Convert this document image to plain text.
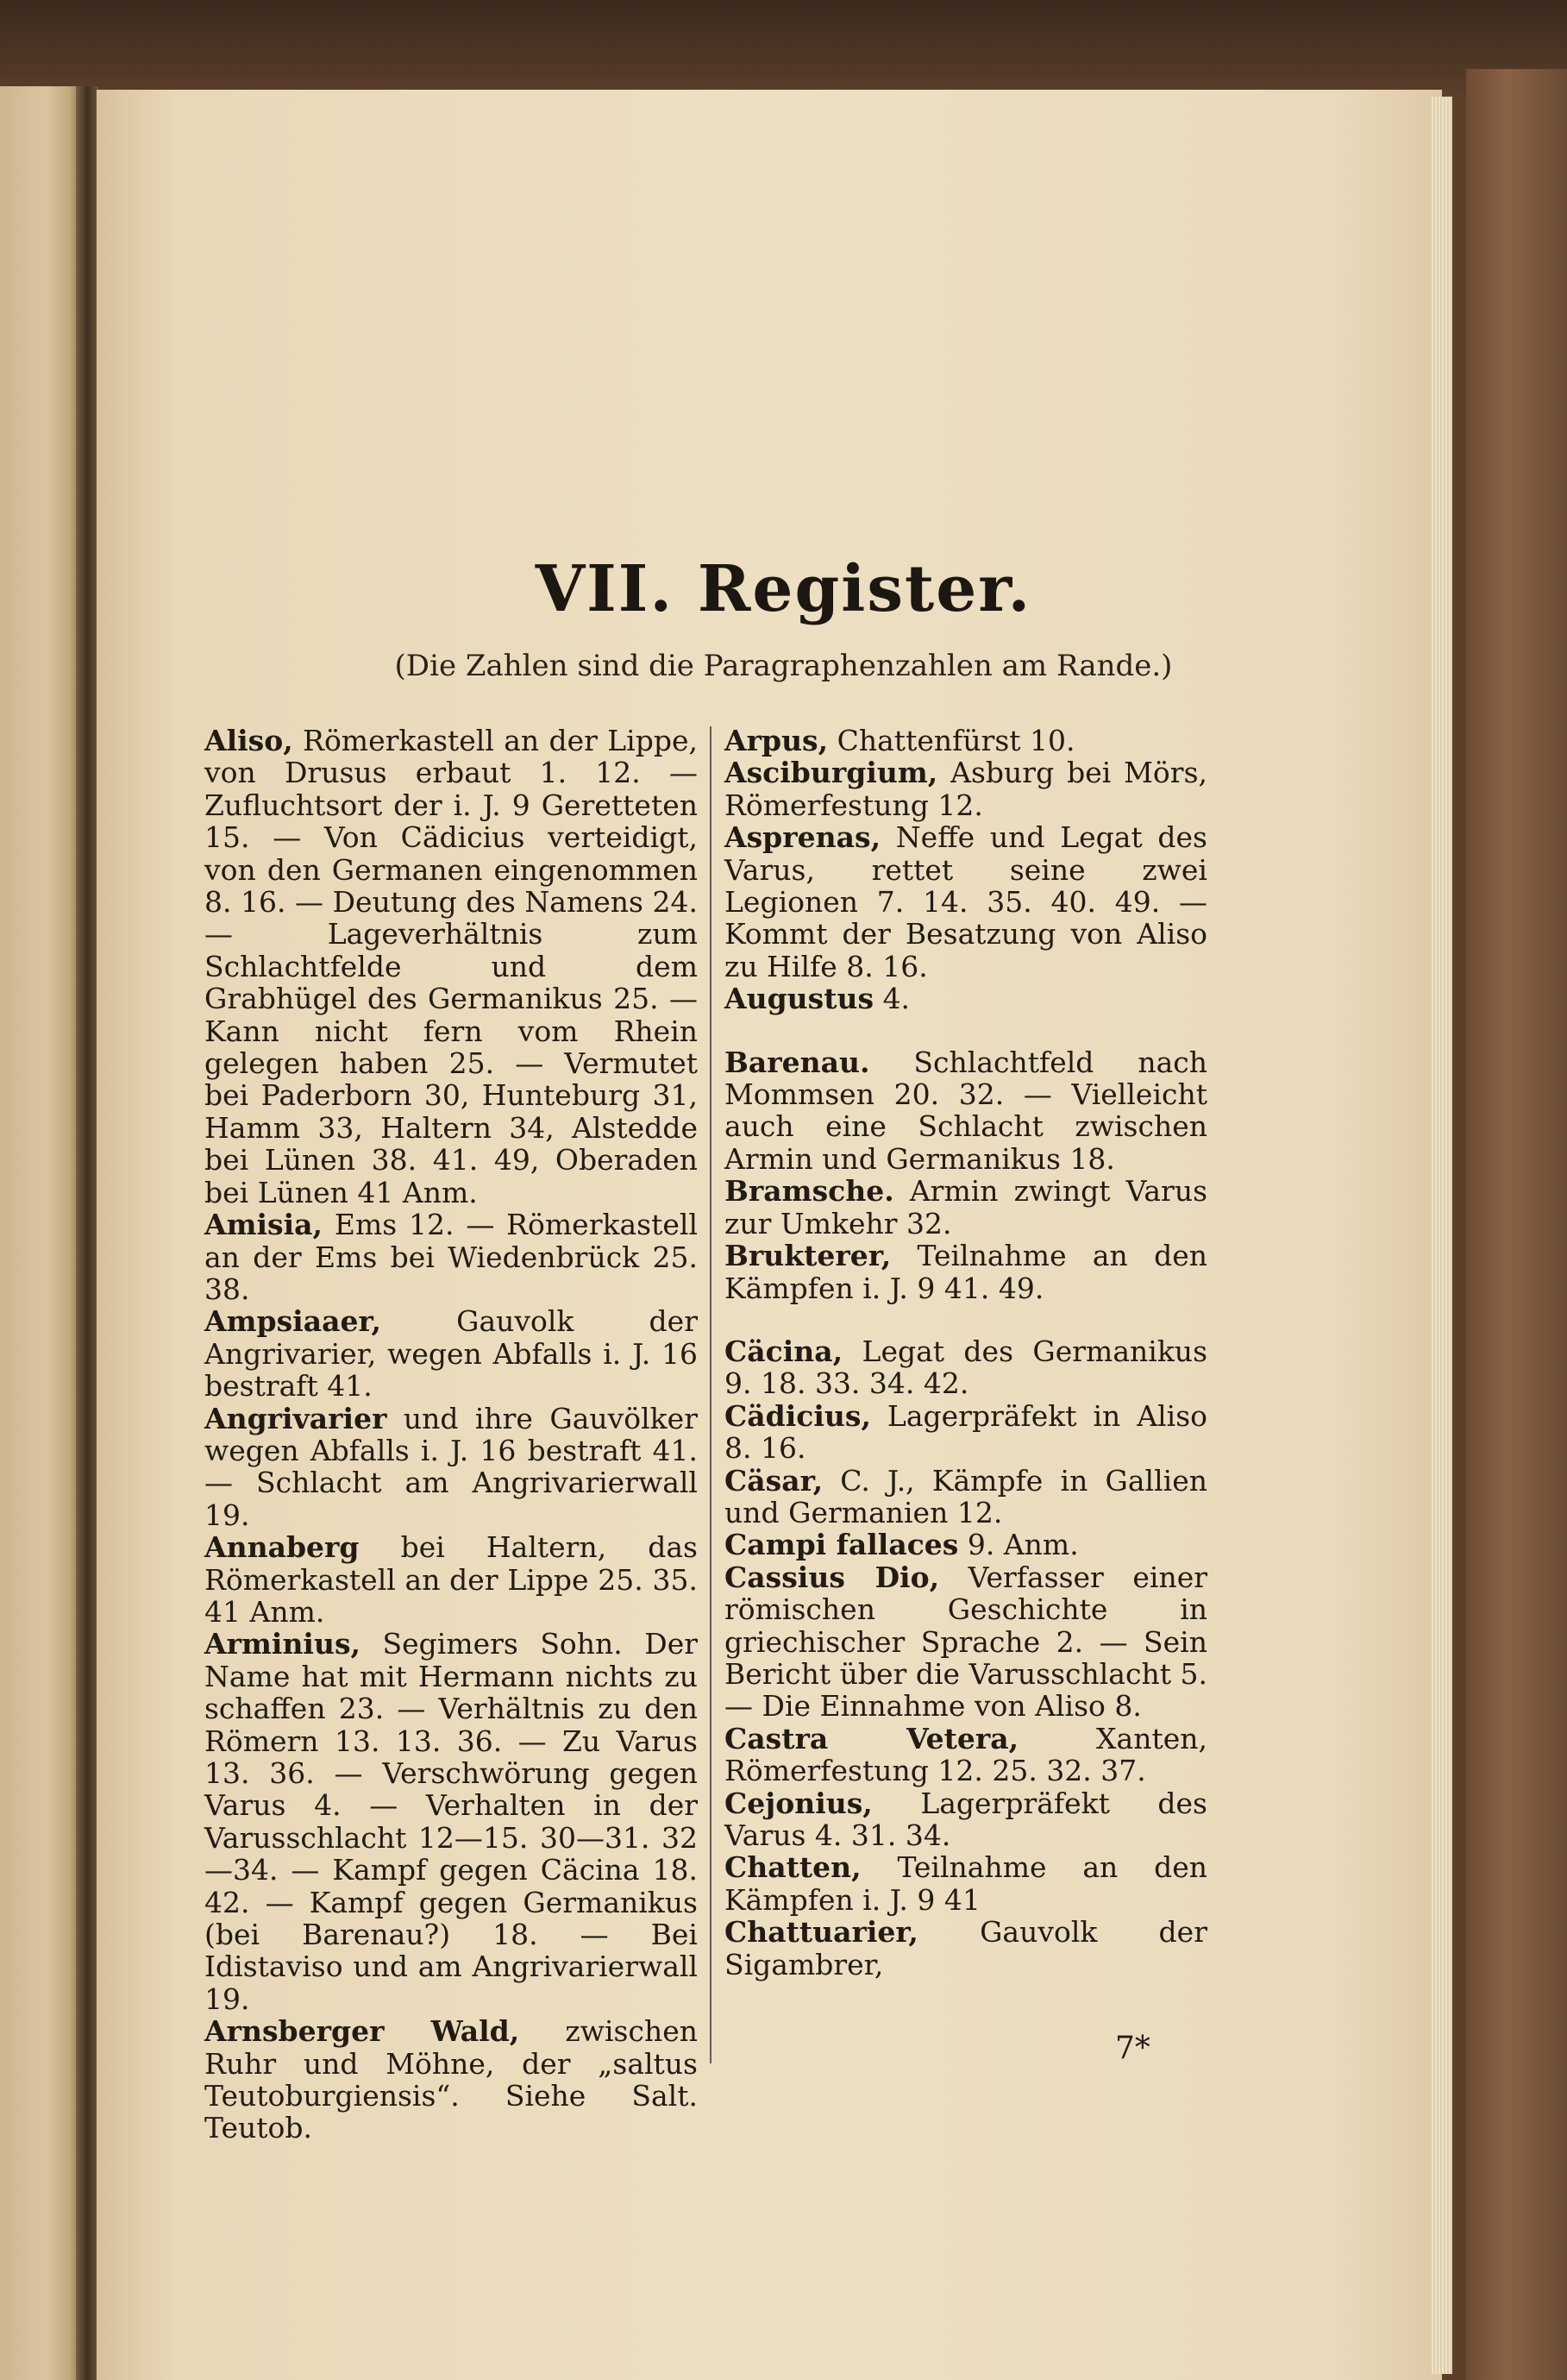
VII. Register.
(Die Zahlen sind die Paragraphenzahlen am Rande.)
Aliso, Römerkastell an der Lippe, von Drusus erbaut 1. 12. — Zufluchtsort der i. J. 9 Geretteten 15. — Von Cädicius verteidigt, von den Germanen eingenommen 8. 16. — Deutung des Namens 24. — Lageverhältnis zum Schlachtfelde und dem Grabhügel des Germanikus 25. — Kann nicht fern vom Rhein gelegen haben 25. — Vermutet bei Paderborn 30, Hunteburg 31, Hamm 33, Haltern 34, Alstedde bei Lünen 38. 41. 49, Oberaden bei Lünen 41 Anm.
Amisia, Ems 12. — Römerkastell an der Ems bei Wiedenbrück 25. 38.
Ampsiaaer,	Gauvolk der Angrivarier, wegen Abfalls i. J. 16 bestraft 41.
Angrivarier und ihre Gauvölker wegen Abfalls i. J. 16 bestraft 41. — Schlacht am Angrivarierwall 19.
Annaberg bei Haltern, das Römerkastell an der Lippe 25. 35. 41 Anm.
Arminius, Segimers Sohn. Der Name hat mit Hermann nichts zu schaffen 23. — Verhältnis zu den Römern 13. 13. 36. — Zu Varus 13. 36. — Verschwörung gegen Varus 4. — Verhalten in der Varusschlacht 12—15. 30—31. 32—34. — Kampf gegen Cäcina 18. 42. — Kampf gegen Germanikus (bei Barenau?) 18. — Bei Idistaviso und am Angrivarierwall 19.
Arnsberger Wald, zwischen Ruhr und Möhne, der „saltus Teutoburgiensis“. Siehe Salt. Teutob.
Arpus, Chattenfürst 10.
Asciburgium, Asburg bei Mörs, Römerfestung 12.
Asprenas, Neffe und Legat des Varus, rettet seine zwei Legionen 7. 14. 35. 40. 49. — Kommt der Besatzung von Aliso zu Hilfe 8. 16.
Augustus 4.
Barenau. Schlachtfeld nach Mommsen 20. 32. — Vielleicht auch eine Schlacht zwischen Armin und Germanikus 18.
Bramsche. Armin zwingt Varus zur Umkehr 32.
Brukterer, Teilnahme an den Kämpfen i. J. 9 41. 49.
Cäcina, Legat des Germanikus 9. 18. 33. 34. 42.
Cädicius, Lagerpräfekt in Aliso 8. 16.
Cäsar, C. J., Kämpfe in Gallien und Germanien 12.
Campi fallaces 9. Anm.
Cassius Dio, Verfasser einer römischen Geschichte in griechischer Sprache 2. — Sein Bericht über die Varusschlacht 5. — Die Einnahme von Aliso 8.
Castra Vetera,	Xanten, Römerfestung 12. 25. 32. 37.
Cejonius, Lagerpräfekt des Varus 4. 31. 34.
Chatten, Teilnahme an den Kämpfen i. J. 9 41
Chattuarier, Gauvolk der Sigambrer,
7*
